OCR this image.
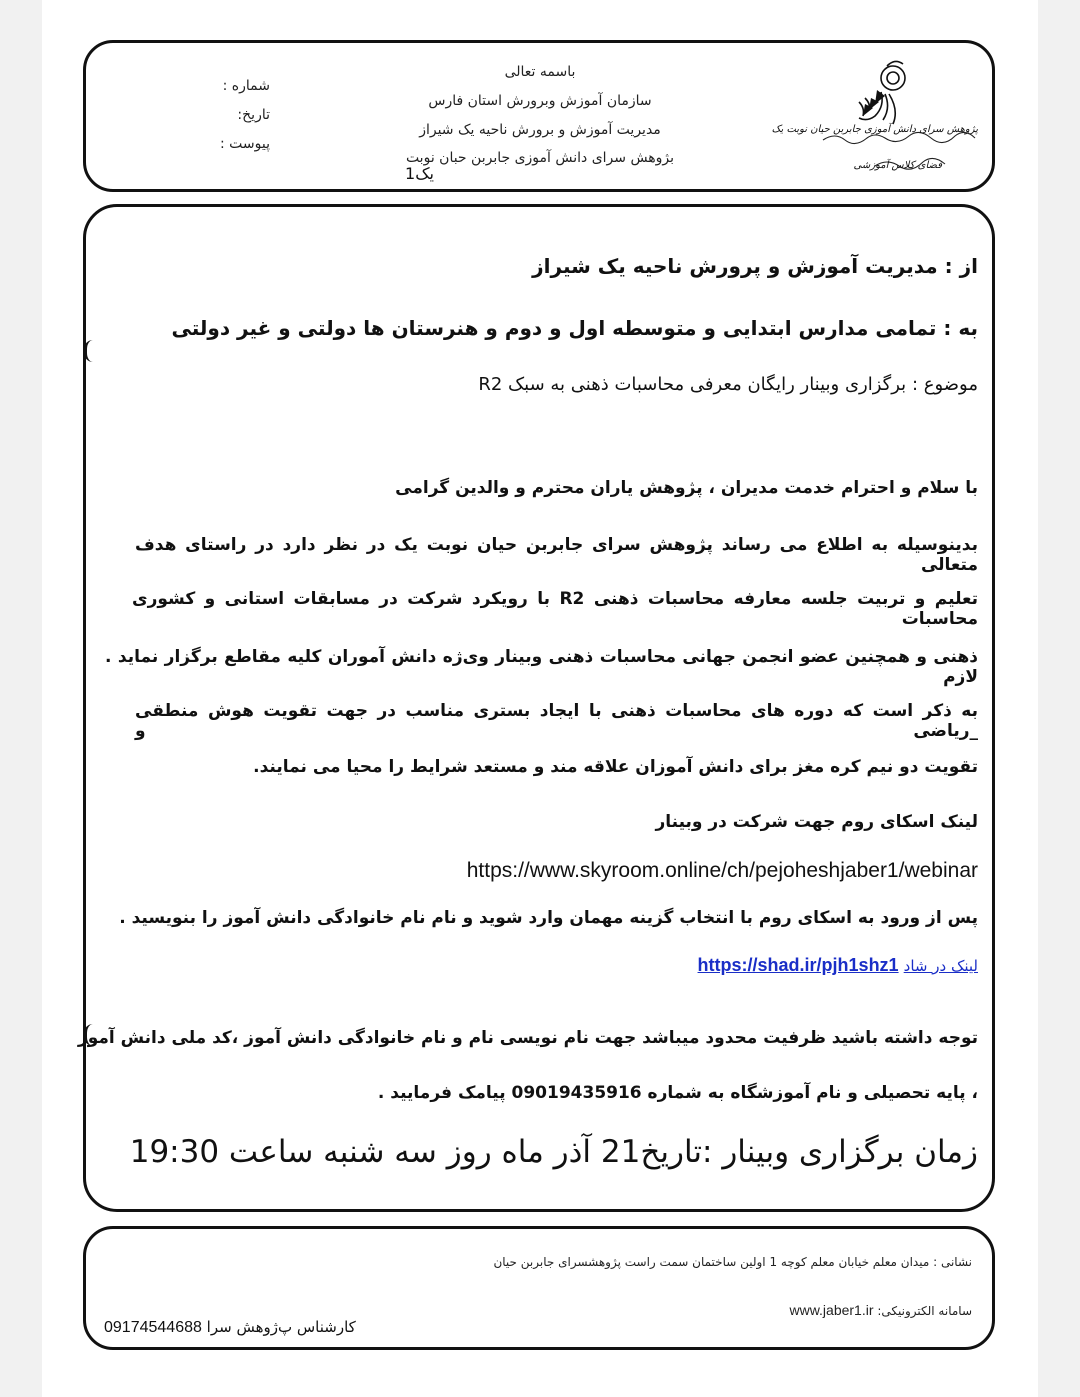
باسمه تعالی
سازمان آموزش وبرورش استان فارس
مدیریت آموزش و برورش ناحیه یک شیراز
بژوهش سرای دانش آموزی جابربن حبان نوبت
یک1
شماره :
تاریخ:
پیوست :
پژوهش سرای دانش آموزی جابربن حیان نوبت یک
فضای کلاس آموزشی
از : مدیریت آموزش و پرورش ناحیه یک شیراز
به : تمامی مدارس ابتدایی و متوسطه اول و دوم و هنرستان ها دولتی و غیر دولتی
موضوع : برگزاری وبینار رایگان معرفی محاسبات ذهنی به سبک R2
با سلام و احترام خدمت مدیران ، پژوهش یاران محترم و والدین گرامی
بدینوسیله به اطلاع می رساند پژوهش سرای جابربن حیان نوبت یک در نظر دارد در راستای هدف متعالی
تعلیم و تربیت جلسه معارفه محاسبات ذهنی R2 با رویکرد شرکت در مسابقات استانی و کشوری محاسبات
ذهنی و همچنین عضو انجمن جهانی محاسبات ذهنی وبینار وی‌ژه دانش آموران کلیه مقاطع برگزار نماید . لازم
به ذکر است که دوره های محاسبات ذهنی با ایجاد بستری مناسب در جهت تقویت هوش منطقی _ریاضی و
تقویت دو نیم کره مغز برای دانش آموزان علاقه مند و مستعد شرایط را محیا می نمایند.
لینک اسکای روم جهت شرکت در وبینار
https://www.skyroom.online/ch/pejoheshjaber1/webinar
پس از ورود به اسکای روم با انتخاب گزینه مهمان وارد شوید و نام نام خانوادگی دانش آموز را بنویسید .
لینک در شاد https://shad.ir/pjh1shz1
توجه داشته باشید ظرفیت محدود میباشد جهت نام نویسی نام و نام خانوادگی دانش آموز ،کد ملی دانش آموز
، پایه تحصیلی و نام آموزشگاه به شماره 09019435916 پیامک فرمایید .
زمان برگزاری وبینار :تاریخ21 آذر ماه روز سه شنبه ساعت 19:30
نشانی : میدان معلم خیابان معلم کوچه 1 اولین ساختمان سمت راست پژوهشسرای جابربن حیان
سامانه الکترونیکی: www.jaber1.ir
کارشناس پ‌ژوهش سرا 09174544688
